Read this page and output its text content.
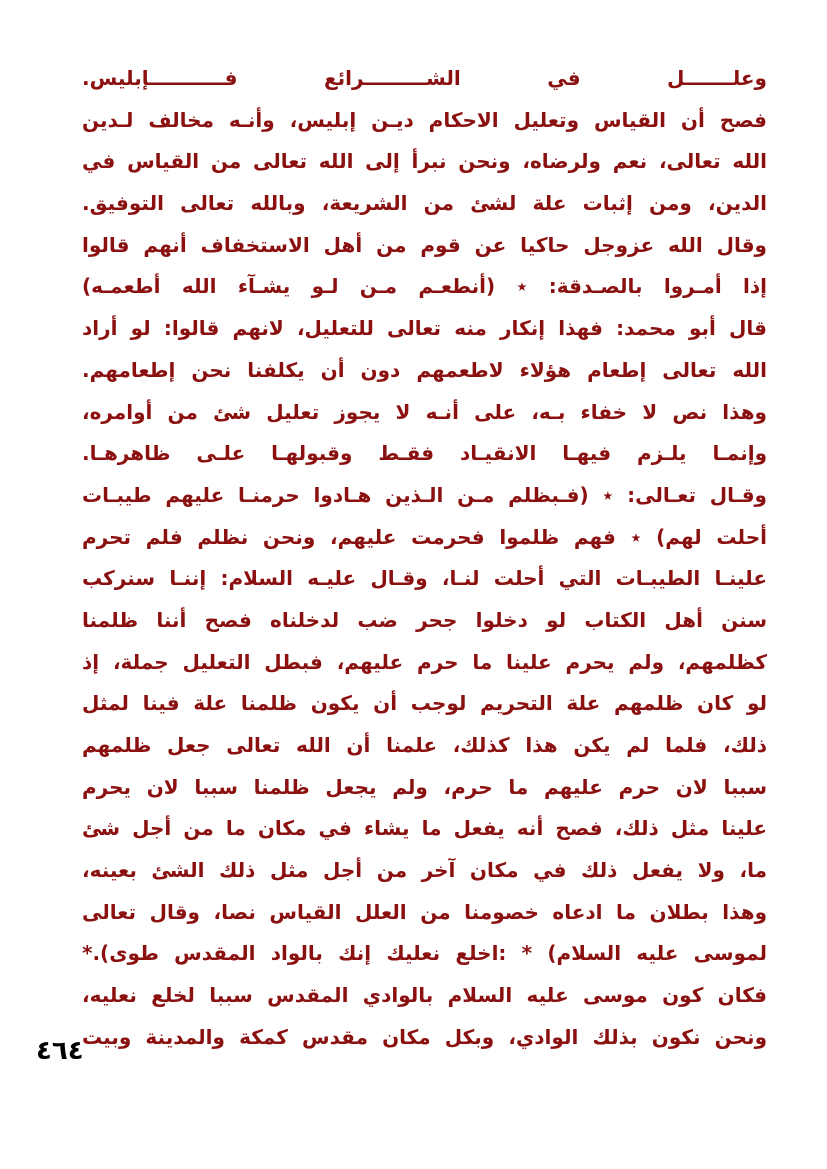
وعلـــــــل في الشـــــــــرائع فـــــــــــإبليس.
فصح أن القياس وتعليل الاحكام ديـن إبليس، وأنـه مخالف لـدين
الله تعالى، نعم ولرضاه، ونحن نبرأ إلى الله تعالى من القياس في
الدين، ومن إثبات علة لشئ من الشريعة، وبالله تعالى التوفيق.
وقال الله عزوجل حاكيا عن قوم من أهل الاستخفاف أنهم قالوا
إذا أمـروا بالصـدقة: ٭ (أنطعـم مـن لـو يشـآء الله أطعمـه)
قال أبو محمد: فهذا إنكار منه تعالى للتعليل، لانهم قالوا: لو أراد
الله تعالى إطعام هؤلاء لاطعمهم دون أن يكلفنا نحن إطعامهم.
وهذا نص لا خفاء بـه، على أنـه لا يجوز تعليل شئ من أوامره،
وإنمـا يلـزم فيهـا الانقيـاد فقـط وقبولهـا علـى ظاهرهـا.
وقـال تعـالى: ٭ (فـبظلم مـن الـذين هـادوا حرمنـا عليهم طيبـات
أحلت لهم) ٭ فهم ظلموا فحرمت عليهم، ونحن نظلم فلم تحرم
علينـا الطيبـات التي أحلت لنـا، وقـال عليـه السلام: إننـا سنركب
سنن أهل الكتاب لو دخلوا جحر ضب لدخلناه فصح أننا ظلمنا
كظلمهم، ولم يحرم علينا ما حرم عليهم، فبطل التعليل جملة، إذ
لو كان ظلمهم علة التحريم لوجب أن يكون ظلمنا علة فينا لمثل
ذلك، فلما لم يكن هذا كذلك، علمنا أن الله تعالى جعل ظلمهم
سببا لان حرم عليهم ما حرم، ولم يجعل ظلمنا سببا لان يحرم
علينا مثل ذلك، فصح أنه يفعل ما يشاء في مكان ما من أجل شئ
ما، ولا يفعل ذلك في مكان آخر من أجل مثل ذلك الشئ بعينه،
وهذا بطلان ما ادعاه خصومنا من العلل القياس نصا، وقال تعالى
لموسى عليه السلام) * :اخلع نعليك إنك بالواد المقدس طوى).*
فكان كون موسى عليه السلام بالوادي المقدس سببا لخلع نعليه،
ونحن نكون بذلك الوادي، وبكل مكان مقدس كمكة والمدينة وبيت
٤٦٤
